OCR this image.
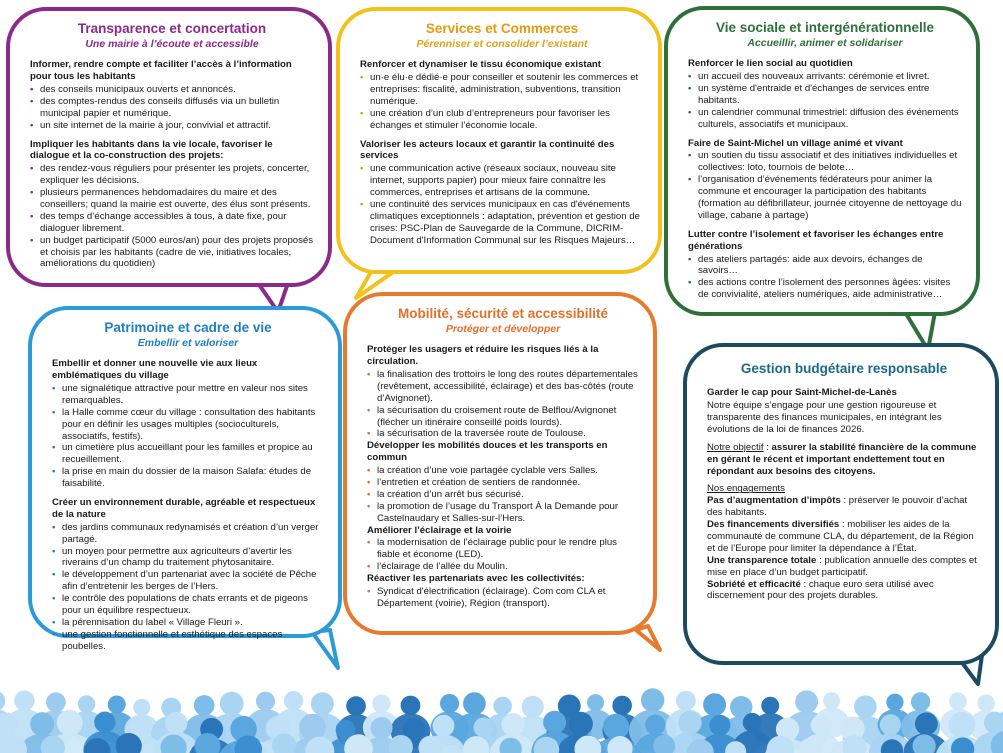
Transparence et concertation
Une mairie à l’écoute et accessible
Informer, rendre compte et faciliter l’accès à l’information pour tous les habitants
• des conseils municipaux ouverts et annoncés.
• des comptes-rendus des conseils diffusés via un bulletin municipal papier et numérique.
• un site internet de la mairie à jour, convivial et attractif.
Impliquer les habitants dans la vie locale, favoriser le dialogue et la co-construction des projets:
• des rendez-vous réguliers pour présenter les projets, concerter, expliquer les décisions.
• plusieurs permanences hebdomadaires du maire et des conseillers; quand la mairie est ouverte, des élus sont présents.
• des temps d’échange accessibles à tous, à date fixe, pour dialoguer librement.
• un budget participatif (5000 euros/an) pour des projets proposés et choisis par les habitants (cadre de vie, initiatives locales, améliorations du quotidien)
Services et Commerces
Pérenniser et consolider l’existant
Renforcer et dynamiser le tissu économique existant
• un·e élu·e dédié·e pour conseiller et soutenir les commerces et entreprises: fiscalité, administration, subventions, transition numérique.
• une création d’un club d’entrepreneurs pour favoriser les échanges et stimuler l’économie locale.
Valoriser les acteurs locaux et garantir la continuité des services
• une communication active (réseaux sociaux, nouveau site internet, supports papier) pour mieux faire connaître les commerces, entreprises et artisans de la commune.
• une continuité des services municipaux en cas d'événements climatiques exceptionnels : adaptation, prévention et gestion de crises: PSC-Plan de Sauvegarde de la Commune, DICRIM-Document d'Information Communal sur les Risques Majeurs…
Vie sociale et intergénérationnelle
Accueillir, animer et solidariser
Renforcer le lien social au quotidien
• un accueil des nouveaux arrivants: cérémonie et livret.
• un système d'entraide et d'échanges de services entre habitants.
• un calendrier communal trimestriel: diffusion des événements culturels, associatifs et municipaux.
Faire de Saint-Michel un village animé et vivant
• un soutien du tissu associatif et des initiatives individuelles et collectives: loto, tournois de belote…
• l’organisation d’événements fédérateurs pour animer la commune et encourager la participation des habitants (formation au défibrillateur, journée citoyenne de nettoyage du village, cabane à partage)
Lutter contre l’isolement et favoriser les échanges entre générations
• des ateliers partagés: aide aux devoirs, échanges de savoirs…
• des actions contre l’isolement des personnes âgées: visites de convivialité, ateliers numériques, aide administrative…
Patrimoine et cadre de vie
Embellir et valoriser
Embellir et donner une nouvelle vie aux lieux emblématiques du village
• une signalétique attractive pour mettre en valeur nos sites remarquables.
• la Halle comme cœur du village : consultation des habitants pour en définir les usages multiples (socioculturels, associatifs, festifs).
• un cimetière plus accueillant pour les familles et propice au recueillement.
• la prise en main du dossier de la maison Salafa: études de faisabilité.
Créer un environnement durable, agréable et respectueux de la nature
• des jardins communaux redynamisés et création d’un verger partagé.
• un moyen pour permettre aux agriculteurs d’avertir les riverains d’un champ du traitement phytosanitaire.
• le développement d’un partenariat avec la société de Pêche afin d’entretenir les berges de l’Hers.
• le contrôle des populations de chats errants et de pigeons pour un équilibre respectueux.
• la pérennisation du label « Village Fleuri ».
• une gestion fonctionnelle et esthétique des espaces poubelles.
Mobilité, sécurité et accessibilité
Protéger et développer
Protéger les usagers et réduire les risques liés à la circulation.
• la finalisation des trottoirs le long des routes départementales (revêtement, accessibilité, éclairage) et des bas-côtés (route d’Avignonet).
• la sécurisation du croisement route de Belflou/Avignonet (flécher un itinéraire conseillé poids lourds).
• la sécurisation de la traversée route de Toulouse.
Développer les mobilités douces et les transports en commun
• la création d’une voie partagée cyclable vers Salles.
• l’entretien et création de sentiers de randonnée.
• la création d’un arrêt bus sécurisé.
• la promotion de l’usage du Transport À la Demande pour Castelnaudary et Salles-sur-l’Hers.
Améliorer l’éclairage et la voirie
• la modernisation de l’éclairage public pour le rendre plus fiable et économe (LED).
• l’éclairage de l’allée du Moulin.
Réactiver les partenariats avec les collectivités:
• Syndicat d'électrification (éclairage). Com com CLA et Département (voirie), Région (transport).
Gestion budgétaire responsable
Garder le cap pour Saint-Michel-de-Lanès

Notre équipe s’engage pour une gestion rigoureuse et transparente des finances municipales, en intégrant les évolutions de la loi de finances 2026.

Notre objectif : assurer la stabilité financière de la commune en gérant le récent et important endettement tout en répondant aux besoins des citoyens.

Nos engagements

Pas d’augmentation d’impôts : préserver le pouvoir d’achat des habitants.

Des financements diversifiés : mobiliser les aides de la communauté de commune CLA, du département, de la Région et de l’Europe pour limiter la dépendance à l’État.

Une transparence totale : publication annuelle des comptes et mise en place d’un budget participatif.

Sobriété et efficacité : chaque euro sera utilisé avec discernement pour des projets durables.
